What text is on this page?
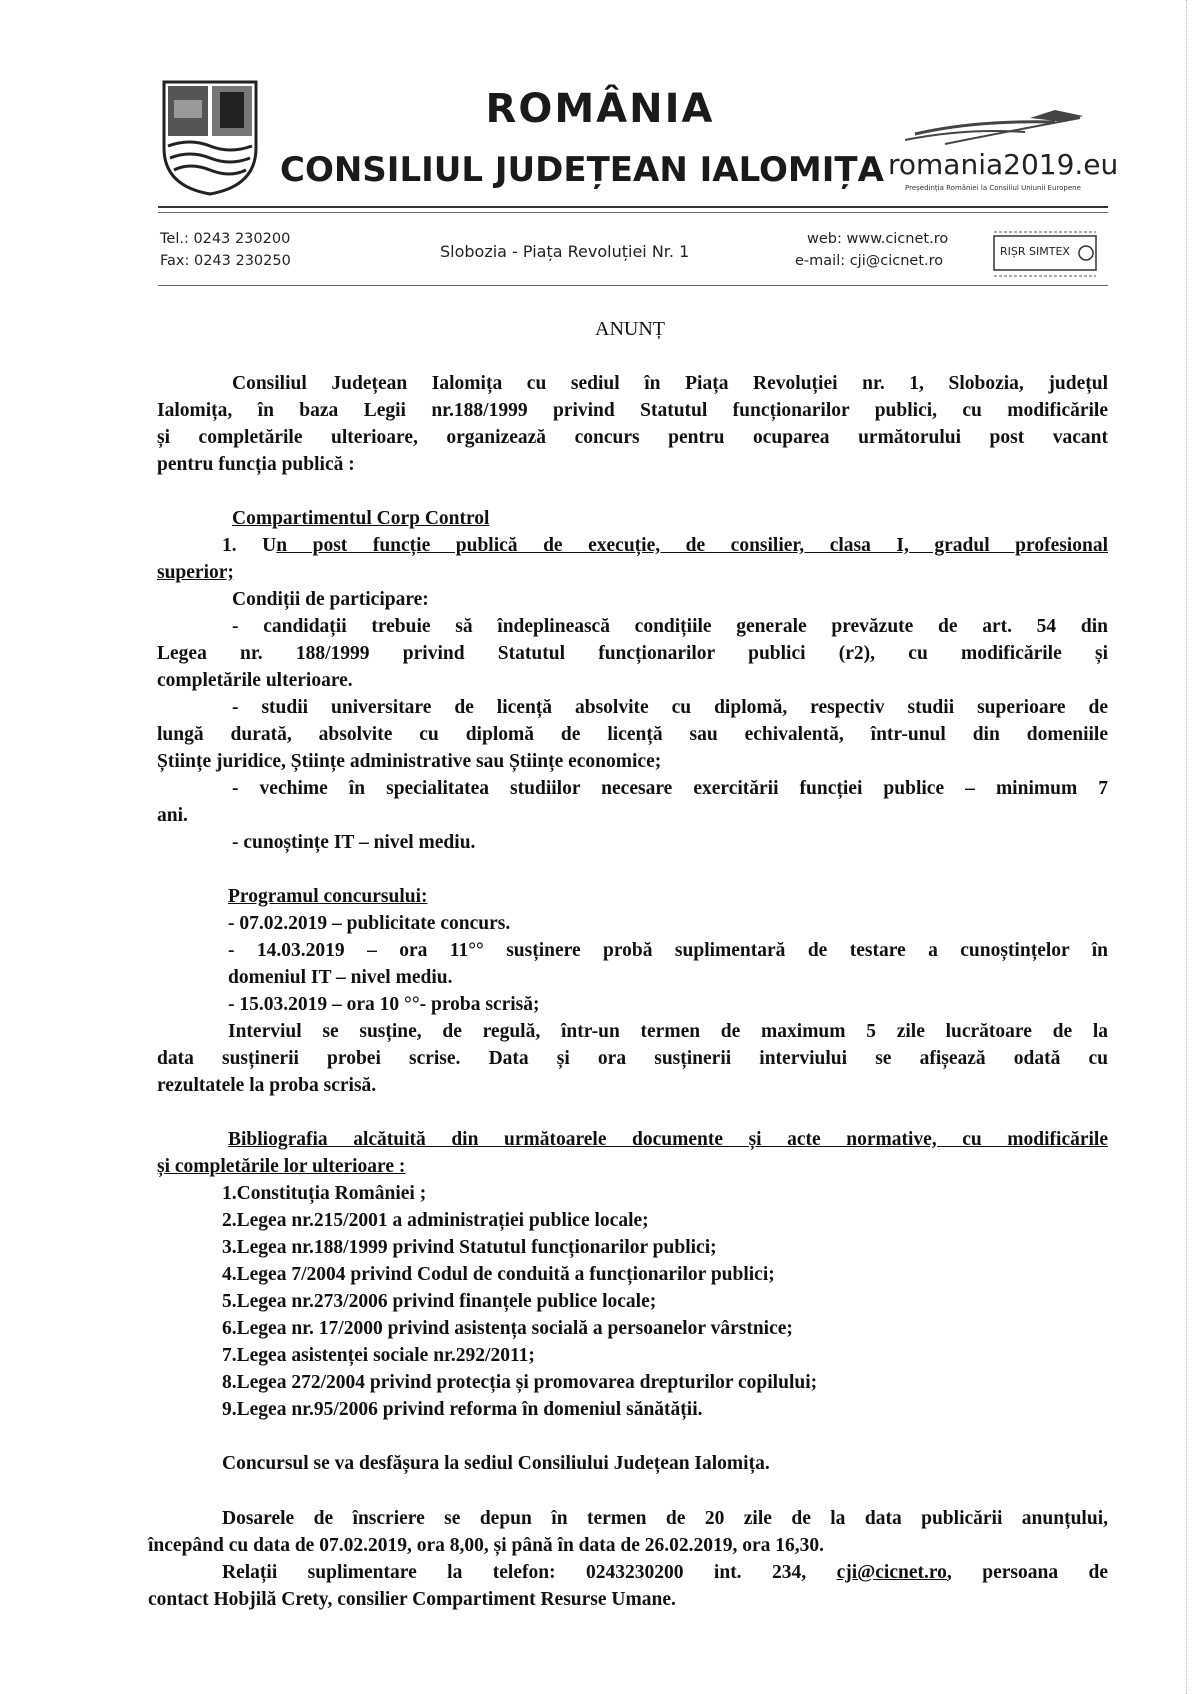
ROMÂNIA
CONSILIUL JUDEȚEAN IALOMIȚA romania2019.eu
Președinția României la Consiliul Uniunii Europene
Tel.: 0243 230200
Fax: 0243 230250	Slobozia - Piața Revoluției Nr. 1
web: www.cicnet.ro
e-mail: cji@cicnet.ro
RIȘR SIMTEX
ANUNȚ
Consiliul Județean Ialomița cu sediul în Piața Revoluției nr. 1, Slobozia, județul
Ialomița, în baza Legii nr.188/1999 privind Statutul funcționarilor publici, cu modificările
și completările ulterioare, organizează concurs pentru ocuparea următorului post vacant
pentru funcția publică :
Compartimentul Corp Control
1. Un post funcție publică de execuție, de consilier, clasa I, gradul profesional
superior;
Condiții de participare:
- candidații trebuie să îndeplinească condițiile generale prevăzute de art. 54 din
Legea nr. 188/1999 privind Statutul funcționarilor publici (r2), cu modificările și
completările ulterioare.
- studii universitare de licență absolvite cu diplomă, respectiv studii superioare de
lungă durată, absolvite cu diplomă de licență sau echivalentă, într-unul din domeniile
Științe juridice, Științe administrative sau Științe economice;
- vechime în specialitatea studiilor necesare exercitării funcției publice – minimum 7
ani.
- cunoștințe IT – nivel mediu.
Programul concursului:
- 07.02.2019 – publicitate concurs.
- 14.03.2019 – ora 11°° susținere probă suplimentară de testare a cunoștințelor în
domeniul IT – nivel mediu.
- 15.03.2019 – ora 10 °°- proba scrisă;
Interviul se susține, de regulă, într-un termen de maximum 5 zile lucrătoare de la
data susținerii probei scrise. Data și ora susținerii interviului se afișează odată cu
rezultatele la proba scrisă.
Bibliografia alcătuită din următoarele documente și acte normative, cu modificările
și completările lor ulterioare :
1.Constituția României ;
2.Legea nr.215/2001 a administrației publice locale;
3.Legea nr.188/1999 privind Statutul funcționarilor publici;
4.Legea 7/2004 privind Codul de conduită a funcționarilor publici;
5.Legea nr.273/2006 privind finanțele publice locale;
6.Legea nr. 17/2000 privind asistența socială a persoanelor vârstnice;
7.Legea asistenței sociale nr.292/2011;
8.Legea 272/2004 privind protecția și promovarea drepturilor copilului;
9.Legea nr.95/2006 privind reforma în domeniul sănătății.
Concursul se va desfășura la sediul Consiliului Județean Ialomița.
Dosarele de înscriere se depun în termen de 20 zile de la data publicării anunțului,
începând cu data de 07.02.2019, ora 8,00, și până în data de 26.02.2019, ora 16,30.
Relații suplimentare la telefon: 0243230200 int. 234, cji@cicnet.ro, persoana de
contact Hobjilă Crety, consilier Compartiment Resurse Umane.
